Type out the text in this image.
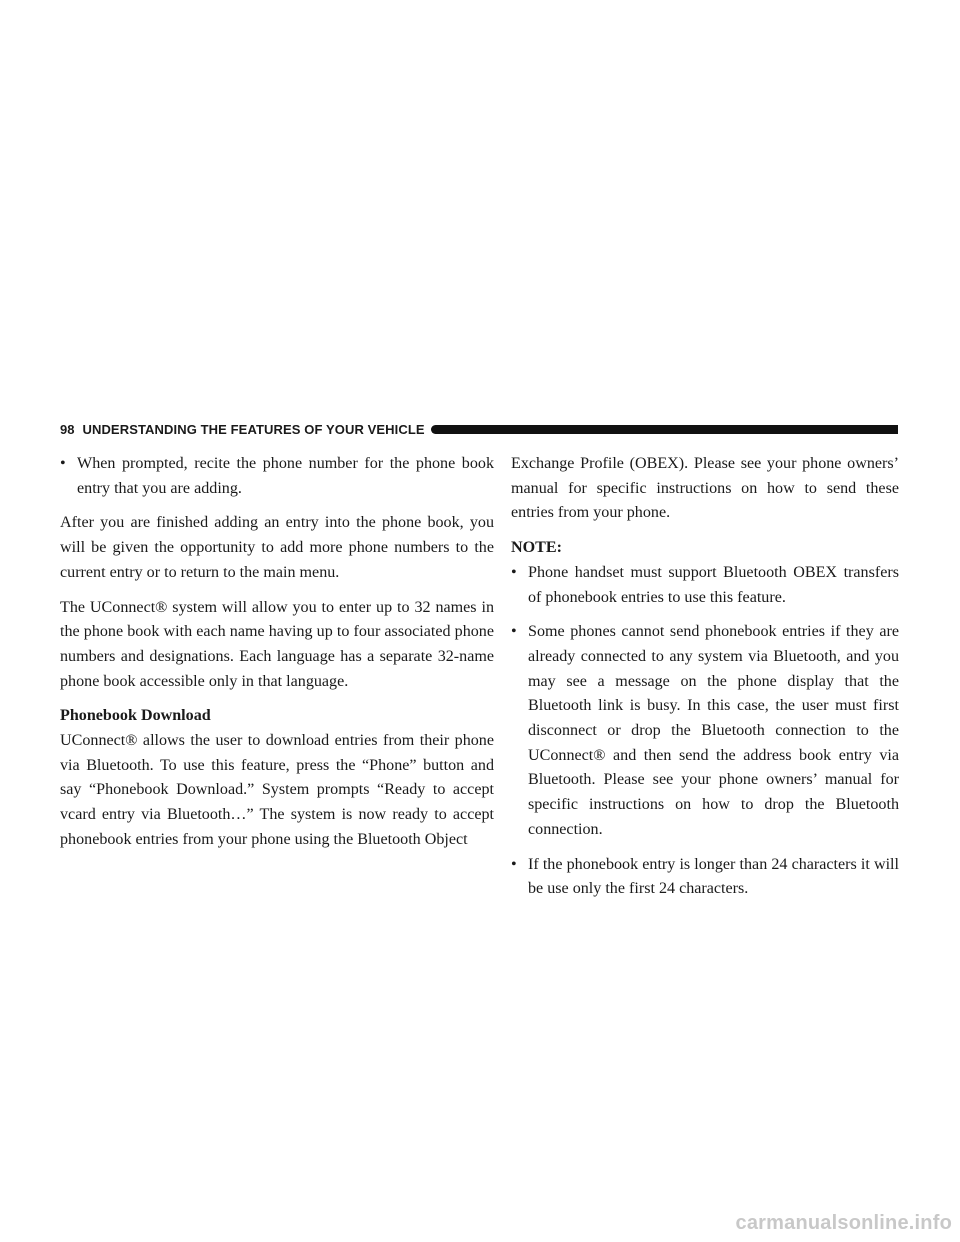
98 UNDERSTANDING THE FEATURES OF YOUR VEHICLE
• When prompted, recite the phone number for the phone book entry that you are adding.

After you are finished adding an entry into the phone book, you will be given the opportunity to add more phone numbers to the current entry or to return to the main menu.

The UConnect® system will allow you to enter up to 32 names in the phone book with each name having up to four associated phone numbers and designations. Each language has a separate 32-name phone book accessible only in that language.

Phonebook Download

UConnect® allows the user to download entries from their phone via Bluetooth. To use this feature, press the “Phone” button and say “Phonebook Download.” System prompts “Ready to accept vcard entry via Bluetooth…” The system is now ready to accept phonebook entries from your phone using the Bluetooth Object

Exchange Profile (OBEX). Please see your phone owners’ manual for specific instructions on how to send these entries from your phone.

NOTE:
• Phone handset must support Bluetooth OBEX transfers of phonebook entries to use this feature.
• Some phones cannot send phonebook entries if they are already connected to any system via Bluetooth, and you may see a message on the phone display that the Bluetooth link is busy. In this case, the user must first disconnect or drop the Bluetooth connection to the UConnect® and then send the address book entry via Bluetooth. Please see your phone owners’ manual for specific instructions on how to drop the Bluetooth connection.
• If the phonebook entry is longer than 24 characters it will be use only the first 24 characters.
carmanualsonline.info
